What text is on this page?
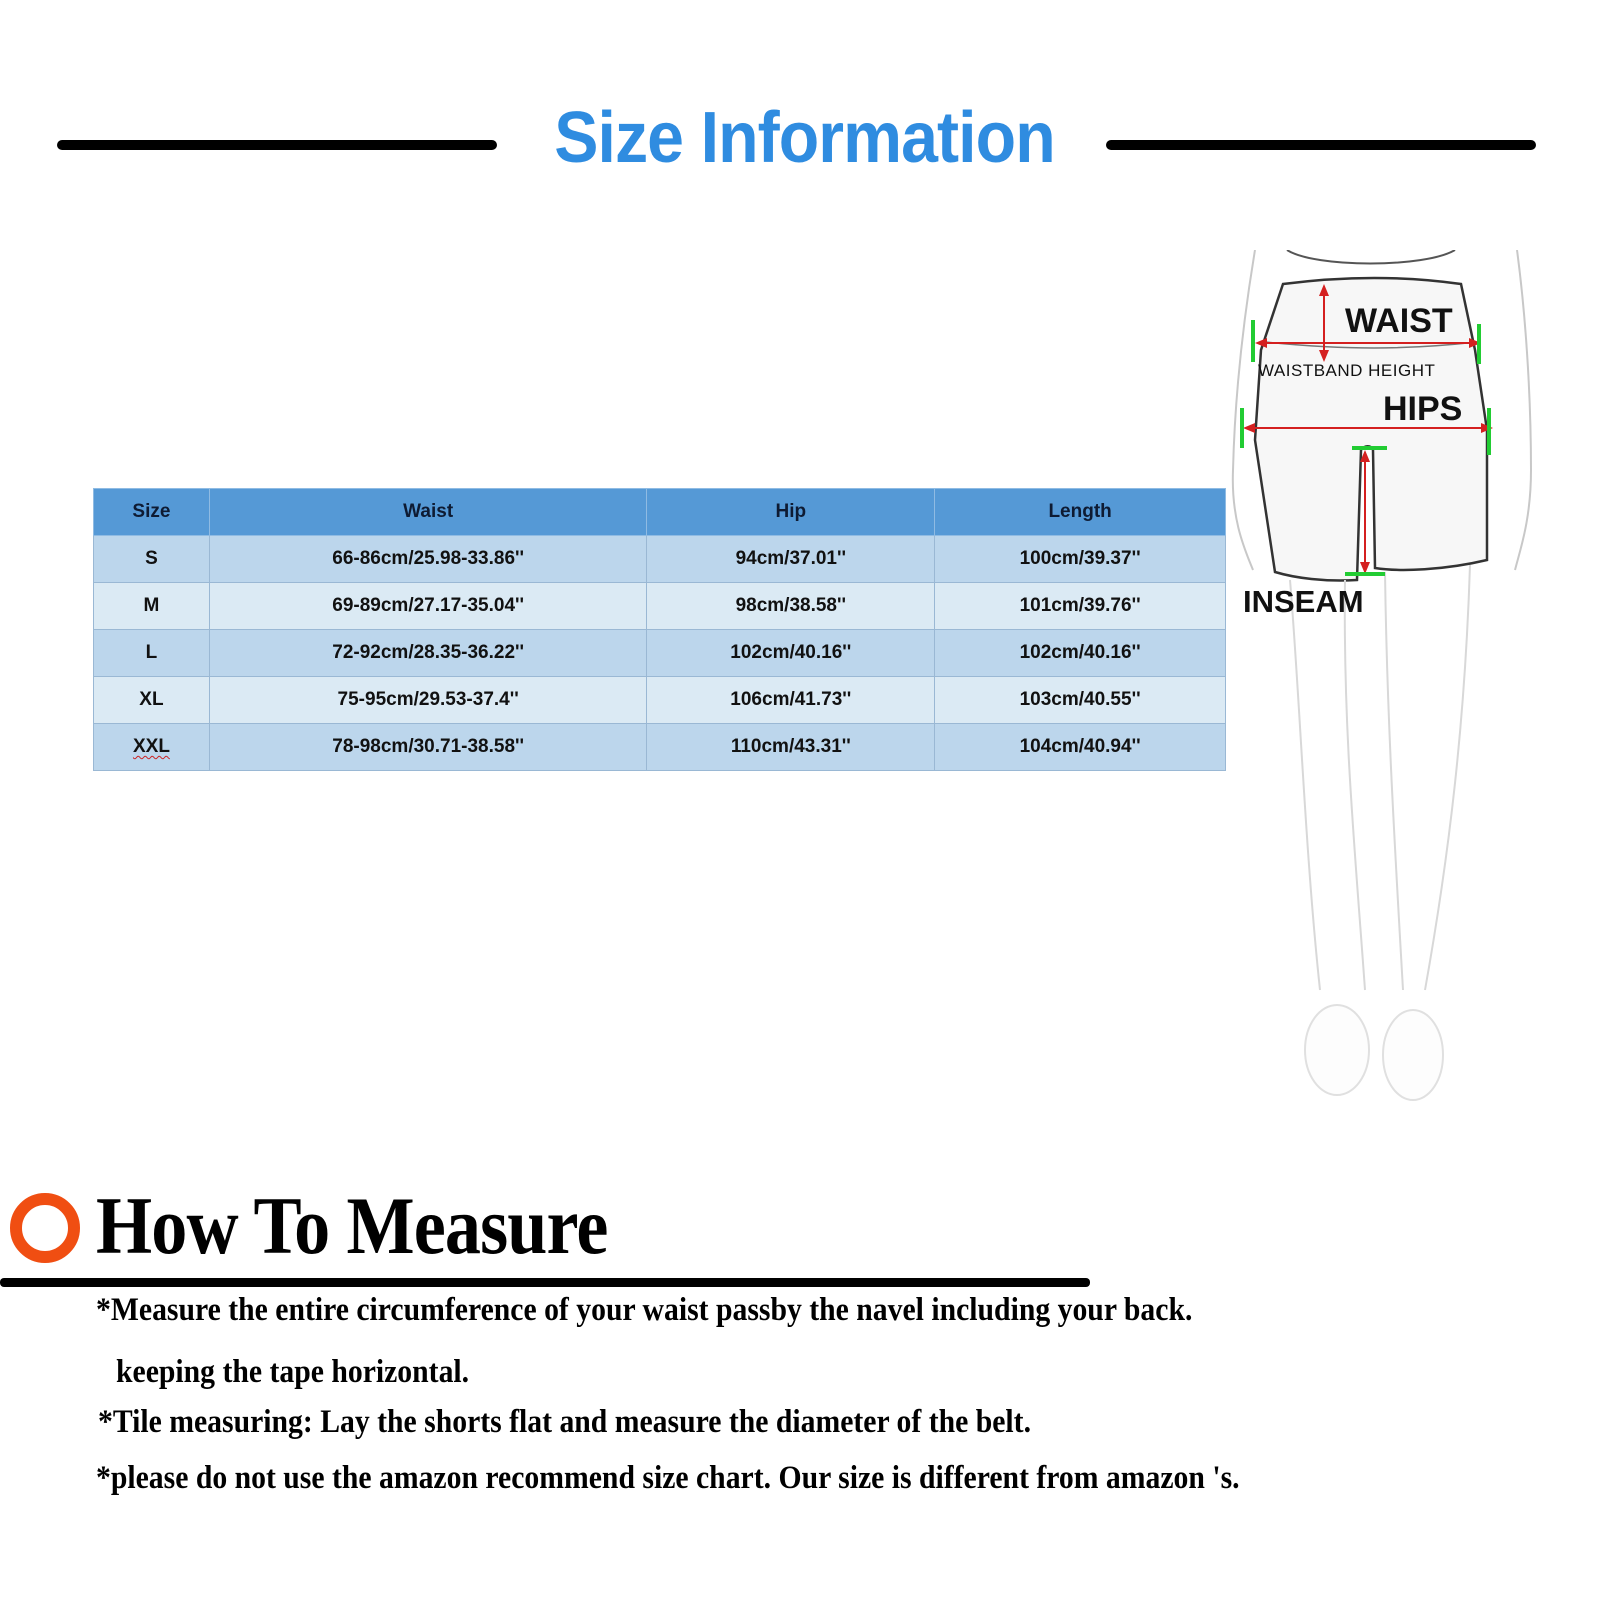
Size Information
Size	Waist	Hip	Length
S	66-86cm/25.98-33.86''	94cm/37.01''	100cm/39.37''
M	69-89cm/27.17-35.04''	98cm/38.58''	101cm/39.76''
L	72-92cm/28.35-36.22''	102cm/40.16''	102cm/40.16''
XL	75-95cm/29.53-37.4''	106cm/41.73''	103cm/40.55''
XXL	78-98cm/30.71-38.58''	110cm/43.31''	104cm/40.94''
WAIST
WAISTBAND HEIGHT
HIPS
INSEAM
How To Measure
*Measure the entire circumference of your waist passby the navel including your back.
keeping the tape horizontal.
*Tile measuring: Lay the shorts flat and measure the diameter of the belt.
*please do not use the amazon recommend size chart. Our size is different from amazon 's.
